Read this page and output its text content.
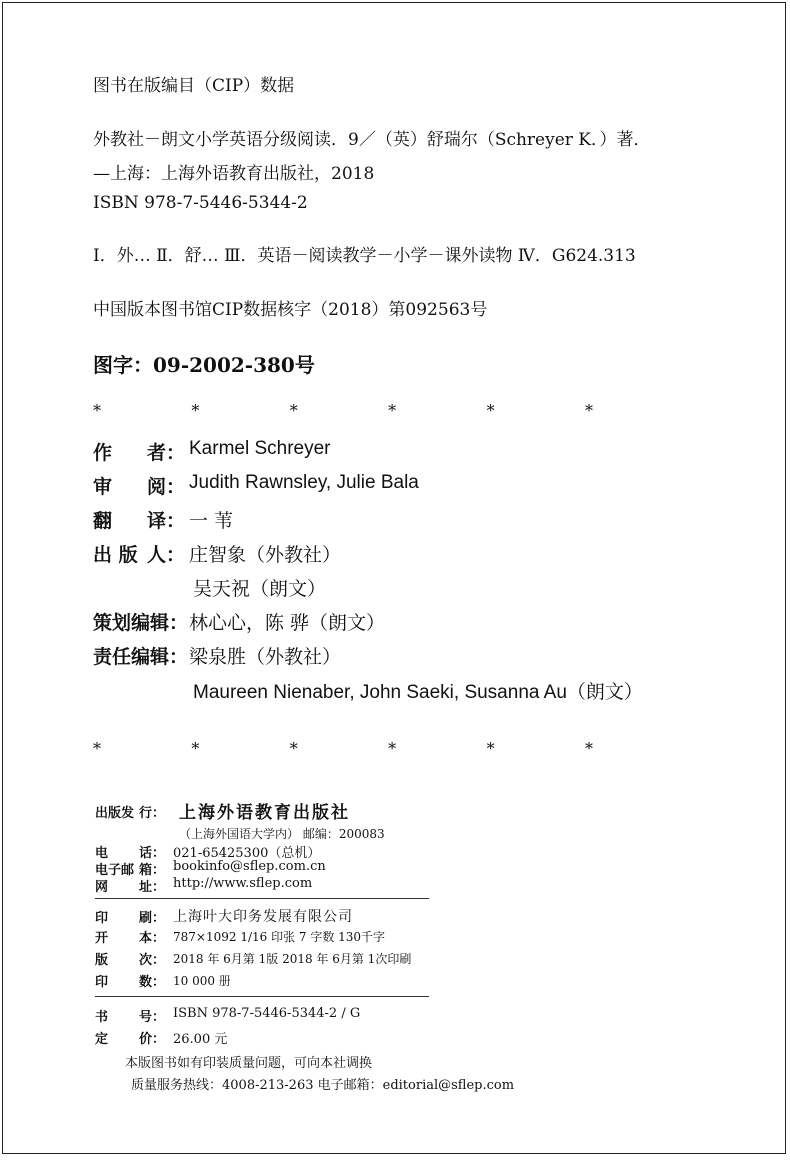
图书在版编目（CIP）数据
外教社－朗文小学英语分级阅读．9／（英）舒瑞尔（Schreyer K．）著．
—上海：上海外语教育出版社，2018
ISBN 978-7-5446-5344-2
Ⅰ．外… Ⅱ．舒… Ⅲ．英语－阅读教学－小学－课外读物 Ⅳ．G624.313
中国版本图书馆CIP数据核字（2018）第092563号
图字：09-2002-380号
*	*	*	*	*	*
作 者： Karmel Schreyer
审 阅： Judith Rawnsley, Julie Bala
翻 译： 一 苇
出 版 人： 庄智象（外教社）
吴天祝（朗文）
策划编 辑： 林心心，陈 骅（朗文）
责任编 辑： 梁泉胜（外教社）
Maureen Nienaber, John Saeki, Susanna Au（朗文）
*	*	*	*	*	*
出版发 行： 上海外语教育出版社
（上海外国语大学内） 邮编：200083
电 话： 021-65425300（总机）
电子邮 箱： bookinfo@sflep.com.cn
网 址： http://www.sflep.com
印 刷： 上海叶大印务发展有限公司
开 本： 787×1092 1/16 印张 7 字数 130千字
版 次： 2018 年 6月第 1版 2018 年 6月第 1次印刷
印 数： 10 000 册
书 号： ISBN 978-7-5446-5344-2 / G
定 价： 26.00 元
本版图书如有印装质量问题，可向本社调换
质量服务热线：4008-213-263 电子邮箱：editorial@sflep.com
